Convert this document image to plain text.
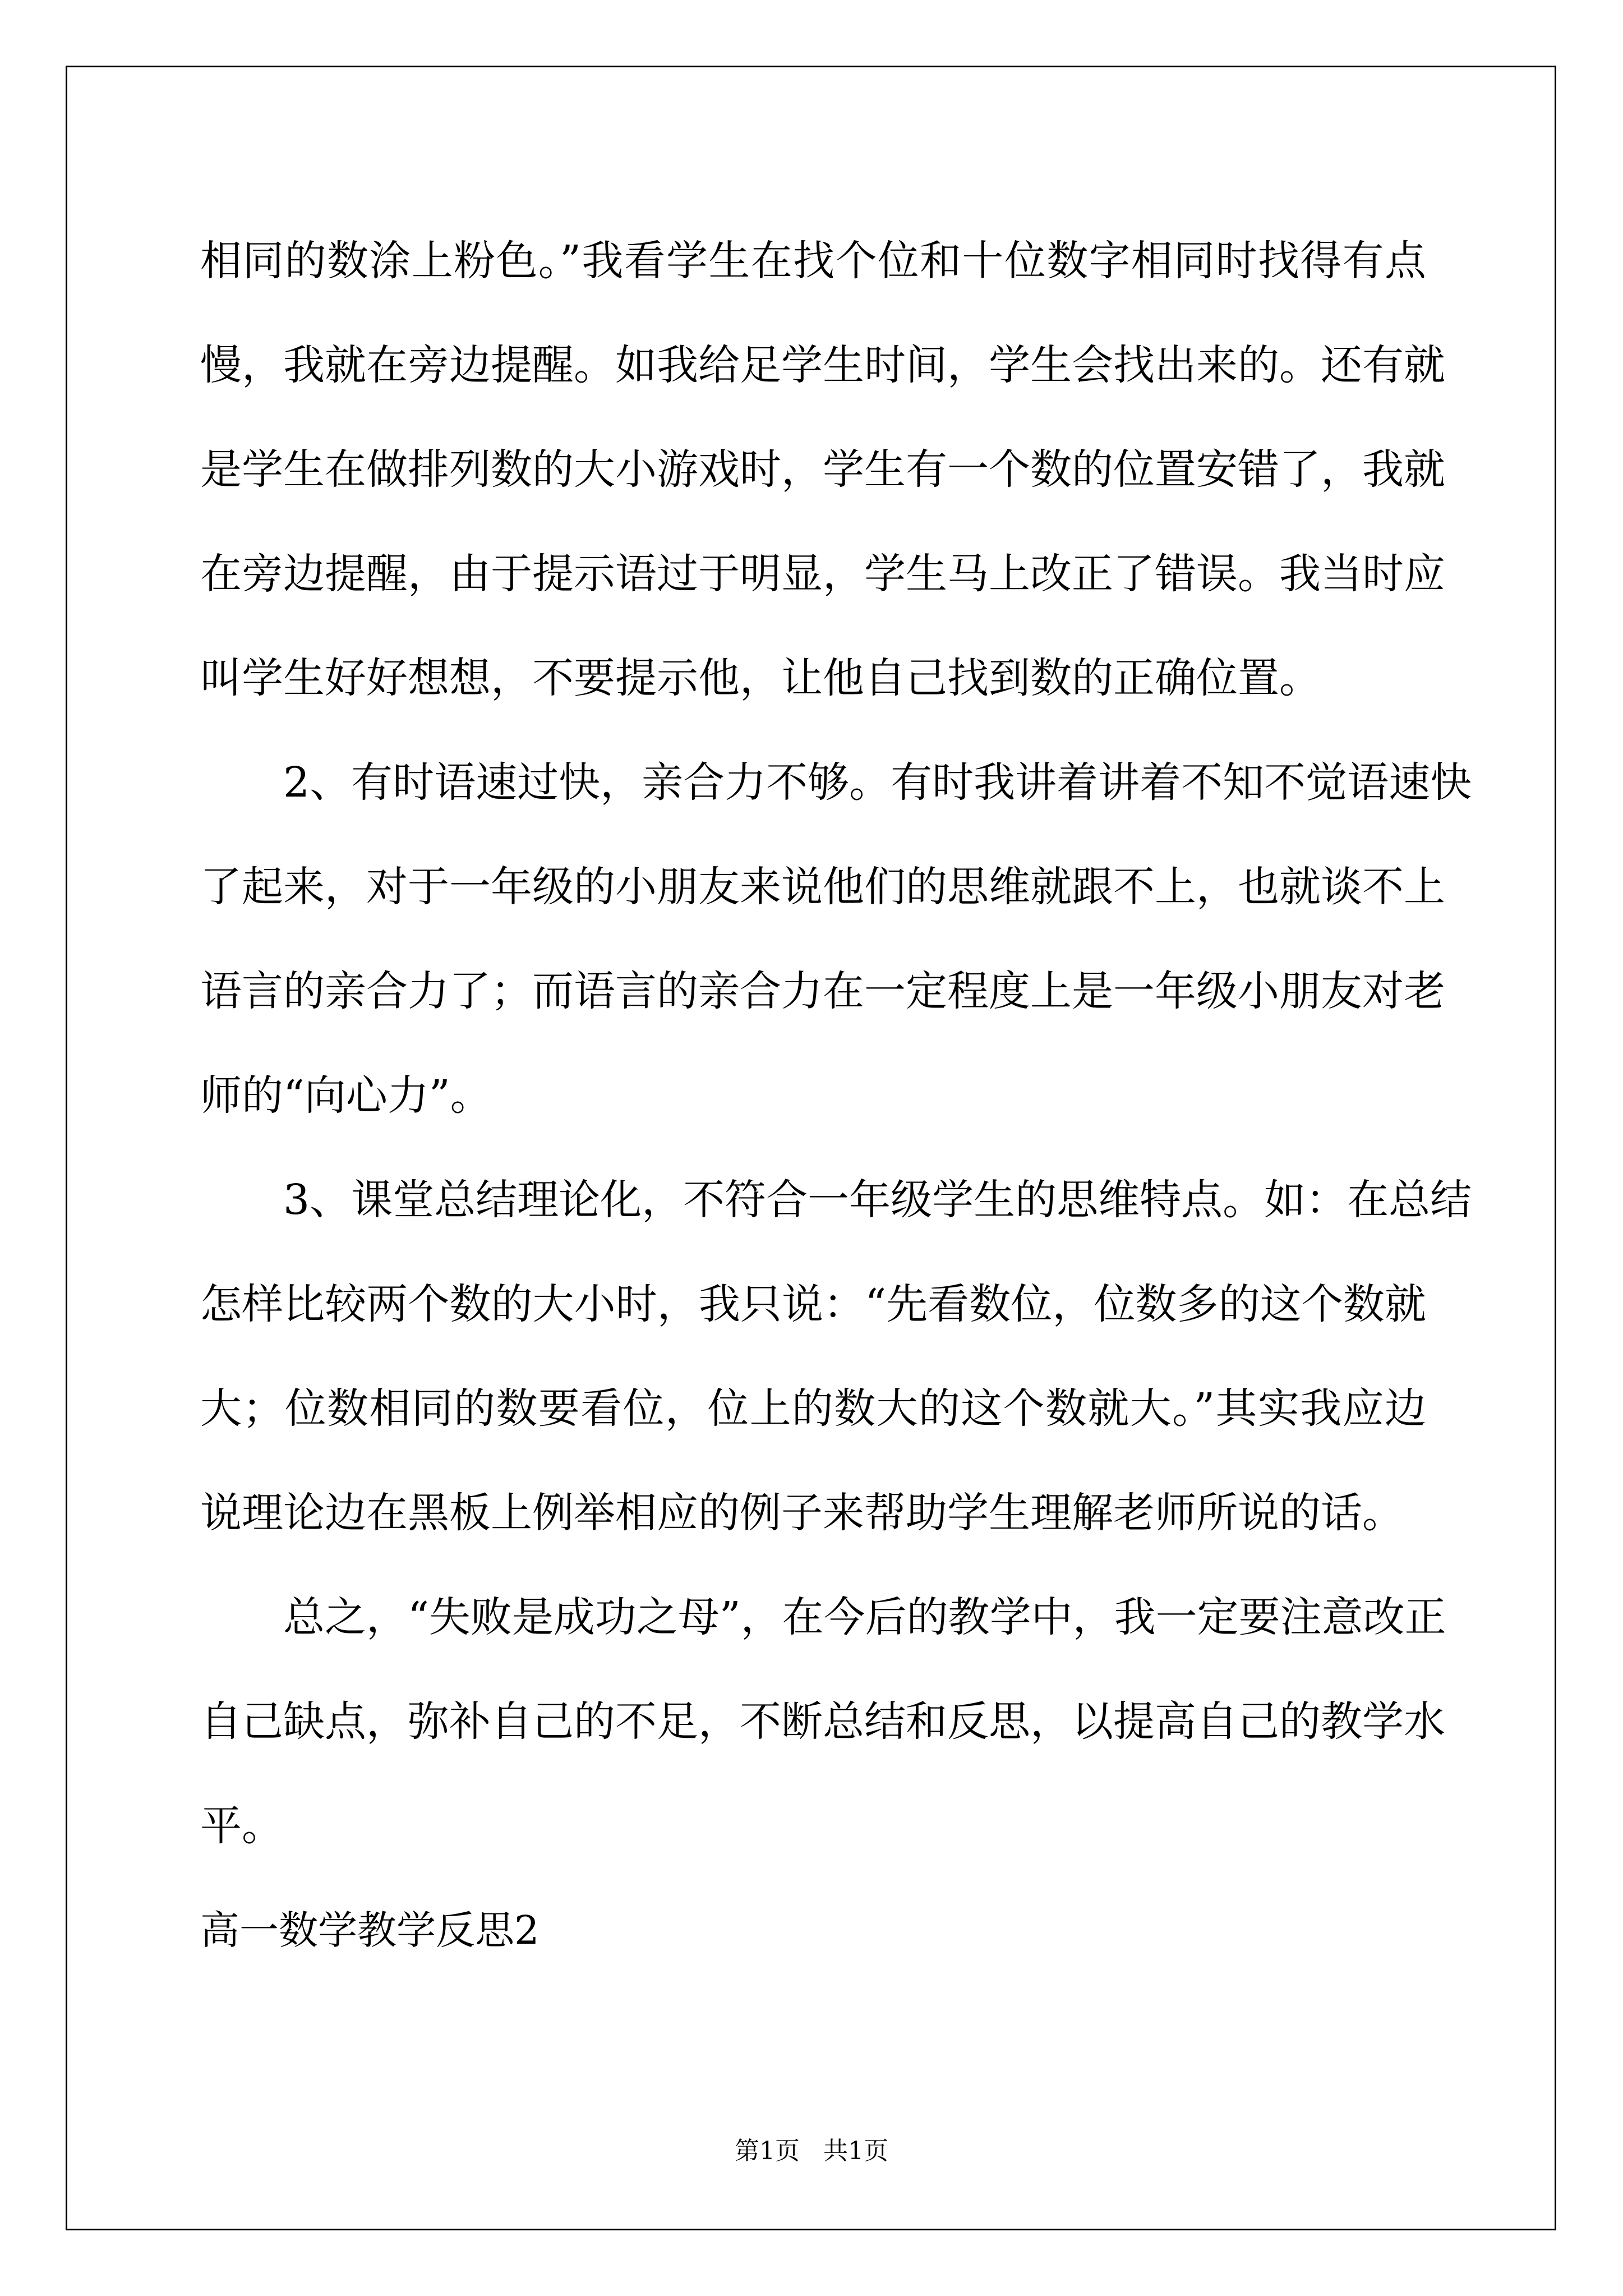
相同的数涂上粉色。”我看学生在找个位和十位数字相同时找得有点

慢，我就在旁边提醒。如我给足学生时间，学生会找出来的。还有就

是学生在做排列数的大小游戏时，学生有一个数的位置安错了，我就

在旁边提醒，由于提示语过于明显，学生马上改正了错误。我当时应

叫学生好好想想，不要提示他，让他自己找到数的正确位置。

2、有时语速过快，亲合力不够。有时我讲着讲着不知不觉语速快

了起来，对于一年级的小朋友来说他们的思维就跟不上，也就谈不上

语言的亲合力了；而语言的亲合力在一定程度上是一年级小朋友对老

师的“向心力”。

3、课堂总结理论化，不符合一年级学生的思维特点。如：在总结

怎样比较两个数的大小时，我只说：“先看数位，位数多的这个数就

大；位数相同的数要看位，位上的数大的这个数就大。”其实我应边

说理论边在黑板上例举相应的例子来帮助学生理解老师所说的话。

总之，“失败是成功之母”，在今后的教学中，我一定要注意改正

自己缺点，弥补自己的不足，不断总结和反思，以提高自己的教学水

平。

高一数学教学反思2

第1页   共1页
